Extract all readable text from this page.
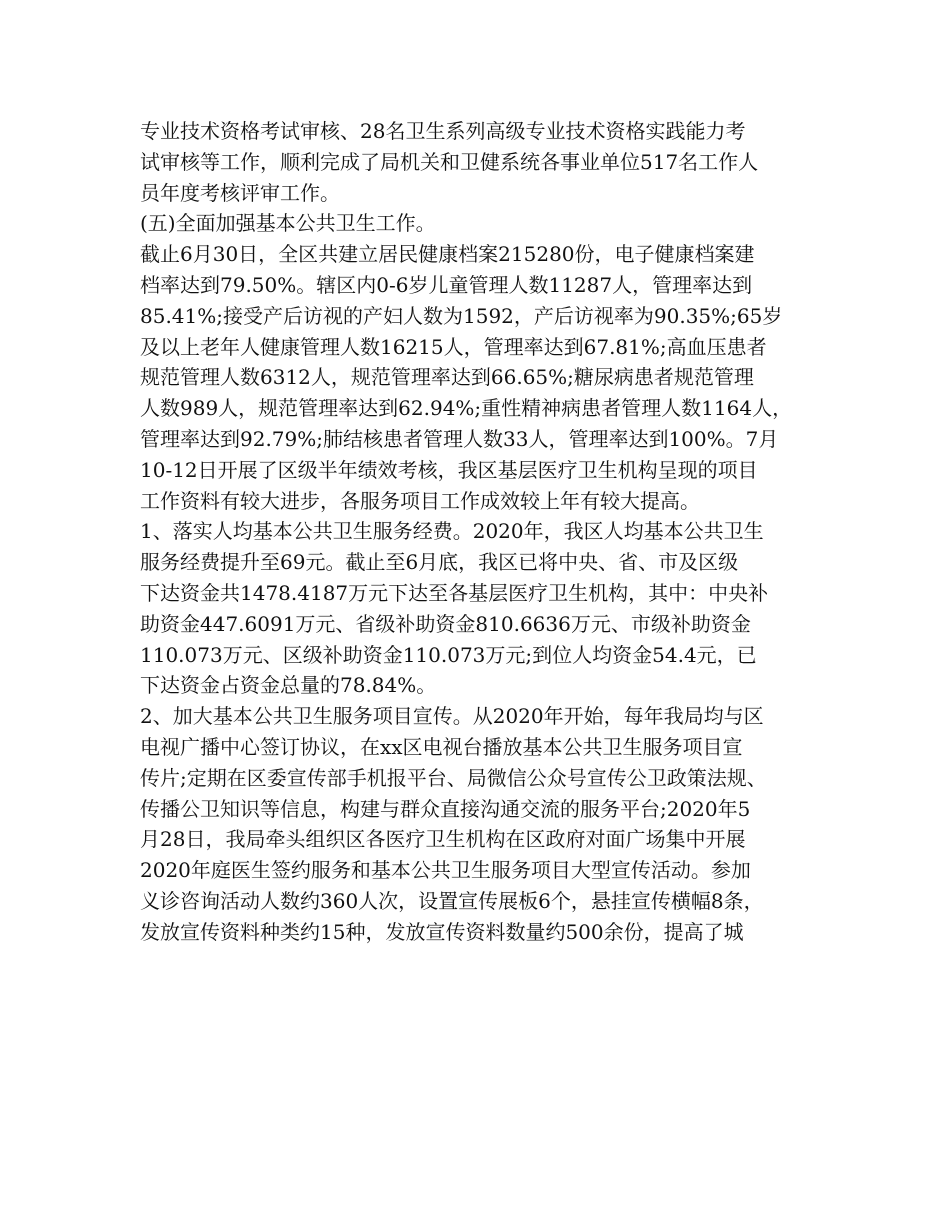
专业技术资格考试审核、28名卫生系列高级专业技术资格实践能力考
试审核等工作，顺利完成了局机关和卫健系统各事业单位517名工作人
员年度考核评审工作。
(五)全面加强基本公共卫生工作。
截止6月30日，全区共建立居民健康档案215280份，电子健康档案建
档率达到79.50%。辖区内0-6岁儿童管理人数11287人，管理率达到
85.41%;接受产后访视的产妇人数为1592，产后访视率为90.35%;65岁
及以上老年人健康管理人数16215人，管理率达到67.81%;高血压患者
规范管理人数6312人，规范管理率达到66.65%;糖尿病患者规范管理
人数989人，规范管理率达到62.94%;重性精神病患者管理人数1164人，
管理率达到92.79%;肺结核患者管理人数33人，管理率达到100%。7月
10-12日开展了区级半年绩效考核，我区基层医疗卫生机构呈现的项目
工作资料有较大进步，各服务项目工作成效较上年有较大提高。
1、落实人均基本公共卫生服务经费。2020年，我区人均基本公共卫生
服务经费提升至69元。截止至6月底，我区已将中央、省、市及区级
下达资金共1478.4187万元下达至各基层医疗卫生机构，其中：中央补
助资金447.6091万元、省级补助资金810.6636万元、市级补助资金
110.073万元、区级补助资金110.073万元;到位人均资金54.4元，已
下达资金占资金总量的78.84%。
2、加大基本公共卫生服务项目宣传。从2020年开始，每年我局均与区
电视广播中心签订协议，在xx区电视台播放基本公共卫生服务项目宣
传片;定期在区委宣传部手机报平台、局微信公众号宣传公卫政策法规、
传播公卫知识等信息，构建与群众直接沟通交流的服务平台;2020年5
月28日，我局牵头组织区各医疗卫生机构在区政府对面广场集中开展
2020年庭医生签约服务和基本公共卫生服务项目大型宣传活动。参加
义诊咨询活动人数约360人次，设置宣传展板6个，悬挂宣传横幅8条，
发放宣传资料种类约15种，发放宣传资料数量约500余份，提高了城
